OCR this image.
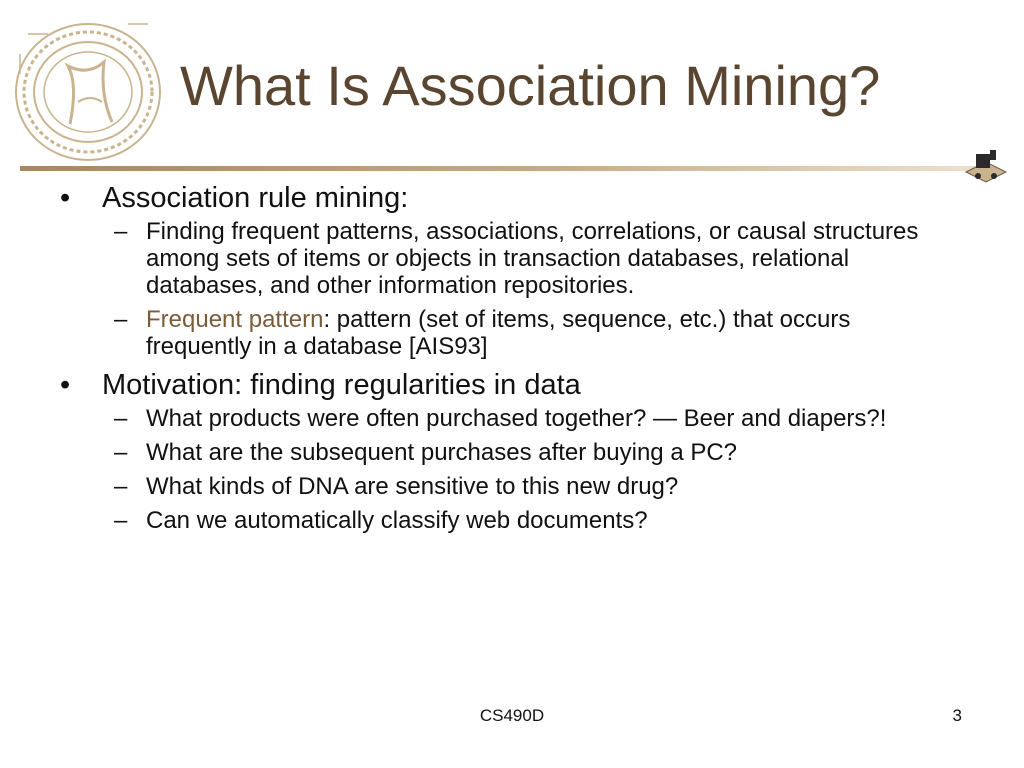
What Is Association Mining?
• Association rule mining:
– Finding frequent patterns, associations, correlations, or causal structures among sets of items or objects in transaction databases, relational databases, and other information repositories.
– Frequent pattern: pattern (set of items, sequence, etc.) that occurs frequently in a database [AIS93]
• Motivation: finding regularities in data
– What products were often purchased together? — Beer and diapers?!
– What are the subsequent purchases after buying a PC?
– What kinds of DNA are sensitive to this new drug?
– Can we automatically classify web documents?
CS490D	3
